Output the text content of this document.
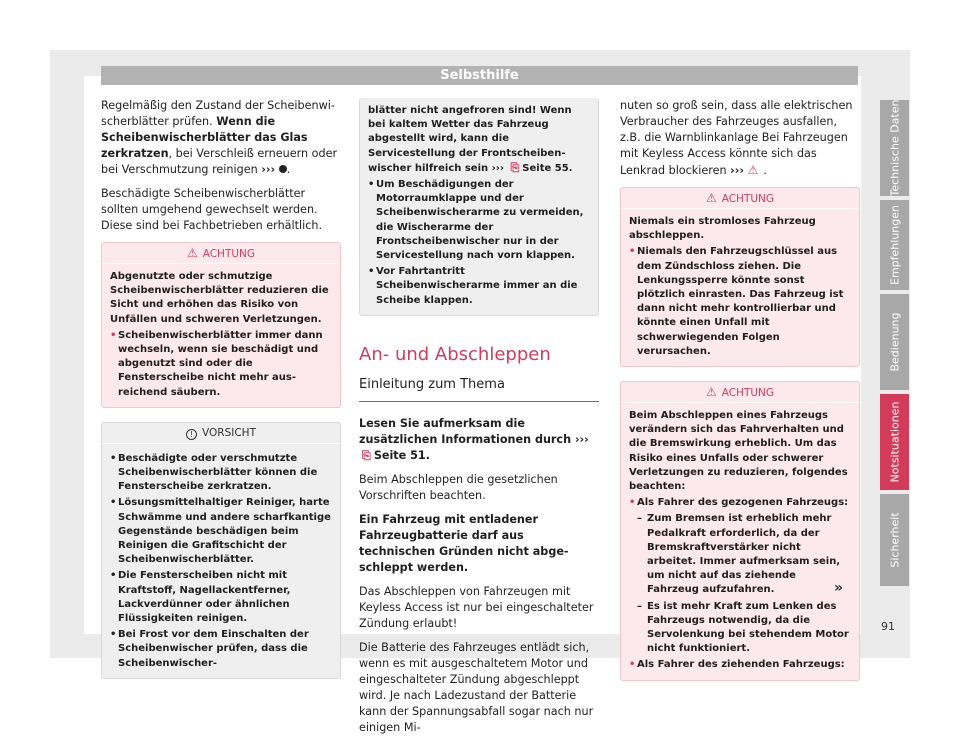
Selbsthilfe

Regelmäßig den Zustand der Scheibenwischerblätter prüfen. Wenn die Scheibenwischerblätter das Glas zerkratzen, bei Verschleiß erneuern oder bei Verschmutzung reinigen ››› .

Beschädigte Scheibenwischerblätter sollten umgehend gewechselt werden. Diese sind bei Fachbetrieben erhältlich.

⚠ ACHTUNG
Abgenutzte oder schmutzige Scheibenwischerblätter reduzieren die Sicht und erhöhen das Risiko von Unfällen und schweren Verletzungen.
• Scheibenwischerblätter immer dann wechseln, wenn sie beschädigt und abgenutzt sind oder die Fensterscheibe nicht mehr ausreichend säubern.
! VORSICHT
• Beschädigte oder verschmutzte Scheibenwischerblätter können die Fensterscheibe zerkratzen.
• Lösungsmittelhaltiger Reiniger, harte Schwämme und andere scharfkantige Gegenstände beschädigen beim Reinigen die Grafitschicht der Scheibenwischerblätter.
• Die Fensterscheiben nicht mit Kraftstoff, Nagellackentferner, Lackverdünner oder ähnlichen Flüssigkeiten reinigen.
• Bei Frost vor dem Einschalten der Scheibenwischer prüfen, dass die Scheibenwischer-
blätter nicht angefroren sind! Wenn bei kaltem Wetter das Fahrzeug abgestellt wird, kann die Servicestellung der Frontscheibenwischer hilfreich sein ››› ⎘ Seite 55.
• Um Beschädigungen der Motorraumklappe und der Scheibenwischerarme zu vermeiden, die Wischerarme der Frontscheibenwischer nur in der Servicestellung nach vorn klappen.
• Vor Fahrtantritt Scheibenwischerarme immer an die Scheibe klappen.
An- und Abschleppen
Einleitung zum Thema

Lesen Sie aufmerksam die zusätzlichen Informationen durch ››› ⎘ Seite 51.

Beim Abschleppen die gesetzlichen Vorschriften beachten.

Ein Fahrzeug mit entladener Fahrzeugbatterie darf aus technischen Gründen nicht abgeschleppt werden.

Das Abschleppen von Fahrzeugen mit Keyless Access ist nur bei eingeschalteter Zündung erlaubt!

Die Batterie des Fahrzeuges entlädt sich, wenn es mit ausgeschaltetem Motor und eingeschalteter Zündung abgeschleppt wird. Je nach Ladezustand der Batterie kann der Spannungsabfall sogar nach nur einigen Mi-

nuten so groß sein, dass alle elektrischen Verbraucher des Fahrzeuges ausfallen, z.B. die Warnblinkanlage Bei Fahrzeugen mit Keyless Access könnte sich das Lenkrad blockieren ››› ⚠ .

⚠ ACHTUNG
Niemals ein stromloses Fahrzeug abschleppen.
• Niemals den Fahrzeugschlüssel aus dem Zündschloss ziehen. Die Lenkungssperre könnte sonst plötzlich einrasten. Das Fahrzeug ist dann nicht mehr kontrollierbar und könnte einen Unfall mit schwerwiegenden Folgen verursachen.
⚠ ACHTUNG
Beim Abschleppen eines Fahrzeugs verändern sich das Fahrverhalten und die Bremswirkung erheblich. Um das Risiko eines Unfalls oder schwerer Verletzungen zu reduzieren, folgendes beachten:
• Als Fahrer des gezogenen Fahrzeugs:
– Zum Bremsen ist erheblich mehr Pedalkraft erforderlich, da der Bremskraftverstärker nicht arbeitet. Immer aufmerksam sein, um nicht auf das ziehende Fahrzeug aufzufahren.
– Es ist mehr Kraft zum Lenken des Fahrzeugs notwendig, da die Servolenkung bei stehendem Motor nicht funktioniert.
• Als Fahrer des ziehenden Fahrzeugs:
»
Technische Daten
Empfehlungen
Bedienung
Notsituationen
Sicherheit
91
